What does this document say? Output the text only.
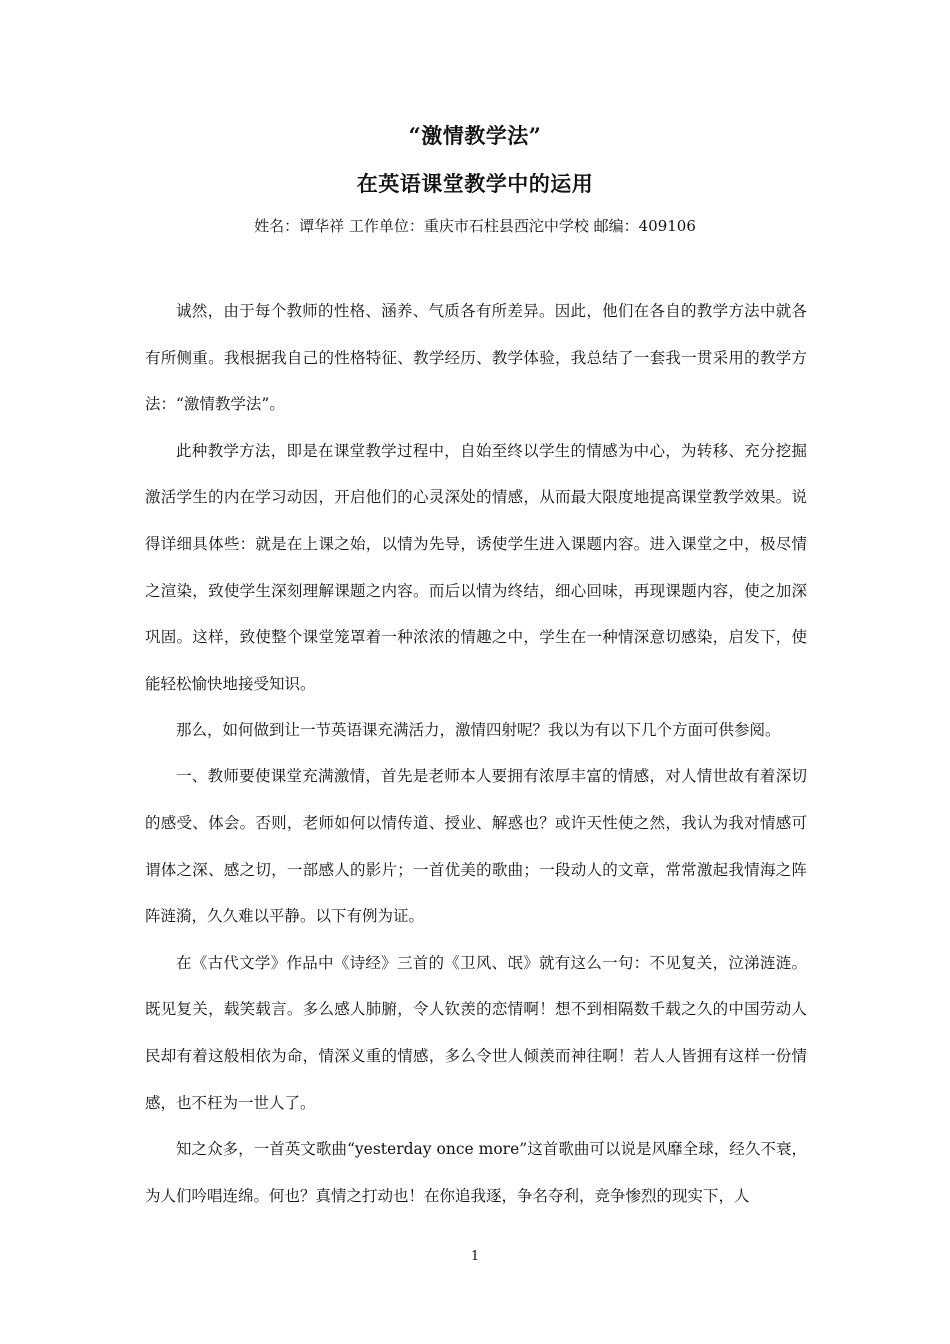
“激情教学法”
在英语课堂教学中的运用
姓名：谭华祥 工作单位：重庆市石柱县西沱中学校 邮编：409106

诚然，由于每个教师的性格、涵养、气质各有所差异。因此，他们在各自的教学方法中就各有所侧重。我根据我自己的性格特征、教学经历、教学体验，我总结了一套我一贯采用的教学方法：“激情教学法”。

此种教学方法，即是在课堂教学过程中，自始至终以学生的情感为中心，为转移、充分挖掘激活学生的内在学习动因，开启他们的心灵深处的情感，从而最大限度地提高课堂教学效果。说得详细具体些：就是在上课之始，以情为先导，诱使学生进入课题内容。进入课堂之中，极尽情之渲染，致使学生深刻理解课题之内容。而后以情为终结，细心回味，再现课题内容，使之加深巩固。这样，致使整个课堂笼罩着一种浓浓的情趣之中，学生在一种情深意切感染，启发下，使能轻松愉快地接受知识。

那么，如何做到让一节英语课充满活力，激情四射呢？我以为有以下几个方面可供参阅。

一、教师要使课堂充满激情，首先是老师本人要拥有浓厚丰富的情感，对人情世故有着深切的感受、体会。否则，老师如何以情传道、授业、解惑也？或许天性使之然，我认为我对情感可谓体之深、感之切，一部感人的影片；一首优美的歌曲；一段动人的文章，常常激起我情海之阵阵涟漪，久久难以平静。以下有例为证。

在《古代文学》作品中《诗经》三首的《卫风、氓》就有这么一句：不见复关，泣涕涟涟。既见复关，载笑载言。多么感人肺腑，令人钦羡的恋情啊！想不到相隔数千载之久的中国劳动人民却有着这般相依为命，情深义重的情感，多么令世人倾羡而神往啊！若人人皆拥有这样一份情感，也不枉为一世人了。

知之众多，一首英文歌曲“yesterday once more”这首歌曲可以说是风靡全球，经久不衰，为人们吟唱连绵。何也？真情之打动也！在你追我逐，争名夺利，竞争惨烈的现实下，人

1
